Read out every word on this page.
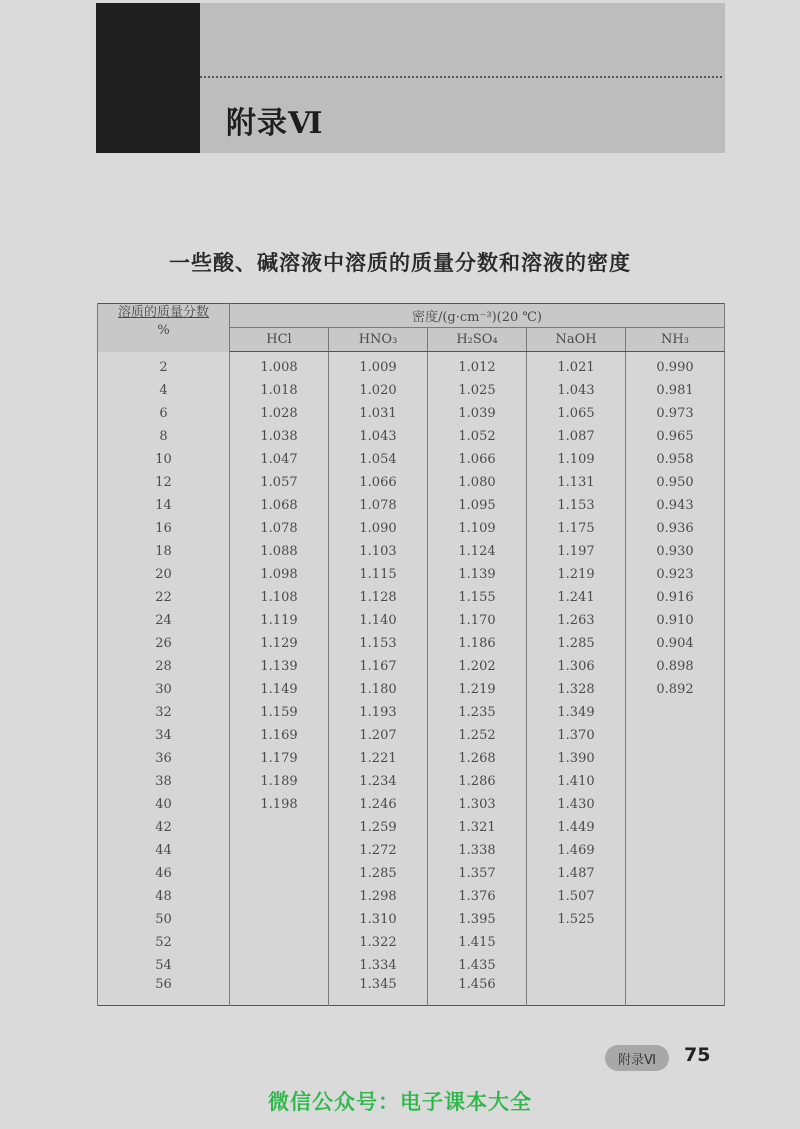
附录Ⅵ
一些酸、碱溶液中溶质的质量分数和溶液的密度
溶质的质量分数
%	密度/(g·cm⁻³)(20 ℃)				
	HCl	HNO₃	H₂SO₄	NaOH	NH₃
2	1.008	1.009	1.012	1.021	0.990
4	1.018	1.020	1.025	1.043	0.981
6	1.028	1.031	1.039	1.065	0.973
8	1.038	1.043	1.052	1.087	0.965
10	1.047	1.054	1.066	1.109	0.958
12	1.057	1.066	1.080	1.131	0.950
14	1.068	1.078	1.095	1.153	0.943
16	1.078	1.090	1.109	1.175	0.936
18	1.088	1.103	1.124	1.197	0.930
20	1.098	1.115	1.139	1.219	0.923
22	1.108	1.128	1.155	1.241	0.916
24	1.119	1.140	1.170	1.263	0.910
26	1.129	1.153	1.186	1.285	0.904
28	1.139	1.167	1.202	1.306	0.898
30	1.149	1.180	1.219	1.328	0.892
32	1.159	1.193	1.235	1.349	
34	1.169	1.207	1.252	1.370	
36	1.179	1.221	1.268	1.390	
38	1.189	1.234	1.286	1.410	
40	1.198	1.246	1.303	1.430	
42		1.259	1.321	1.449	
44		1.272	1.338	1.469	
46		1.285	1.357	1.487	
48		1.298	1.376	1.507	
50		1.310	1.395	1.525	
52		1.322	1.415		
54		1.334	1.435		
56		1.345	1.456		
附录Ⅵ	75
微信公众号：电子课本大全
